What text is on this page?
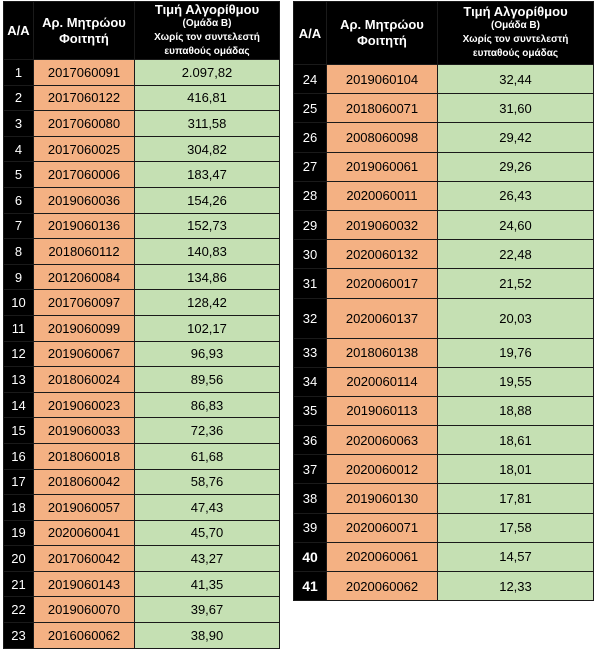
Α/Α	Αρ. Μητρώου
Φοιτητή	Τιμή Αλγορίθμου
(Ομάδα Β)
Χωρίς τον συντελεστή
ευπαθούς ομάδας

1	2017060091	2.097,82
2	2017060122	416,81
3	2017060080	311,58
4	2017060025	304,82
5	2017060006	183,47
6	2019060036	154,26
7	2019060136	152,73
8	2018060112	140,83
9	2012060084	134,86
10	2017060097	128,42
11	2019060099	102,17
12	2019060067	96,93
13	2018060024	89,56
14	2019060023	86,83
15	2019060033	72,36
16	2018060018	61,68
17	2018060042	58,76
18	2019060057	47,43
19	2020060041	45,70
20	2017060042	43,27
21	2019060143	41,35
22	2019060070	39,67
23	2016060062	38,90
Α/Α	Αρ. Μητρώου
Φοιτητή	Τιμή Αλγορίθμου
(Ομάδα Β)
Χωρίς τον συντελεστή
ευπαθούς ομάδας

24	2019060104	32,44
25	2018060071	31,60
26	2008060098	29,42
27	2019060061	29,26
28	2020060011	26,43
29	2019060032	24,60
30	2020060132	22,48
31	2020060017	21,52
32	2020060137	20,03
33	2018060138	19,76
34	2020060114	19,55
35	2019060113	18,88
36	2020060063	18,61
37	2020060012	18,01
38	2019060130	17,81
39	2020060071	17,58
40	2020060061	14,57
41	2020060062	12,33
